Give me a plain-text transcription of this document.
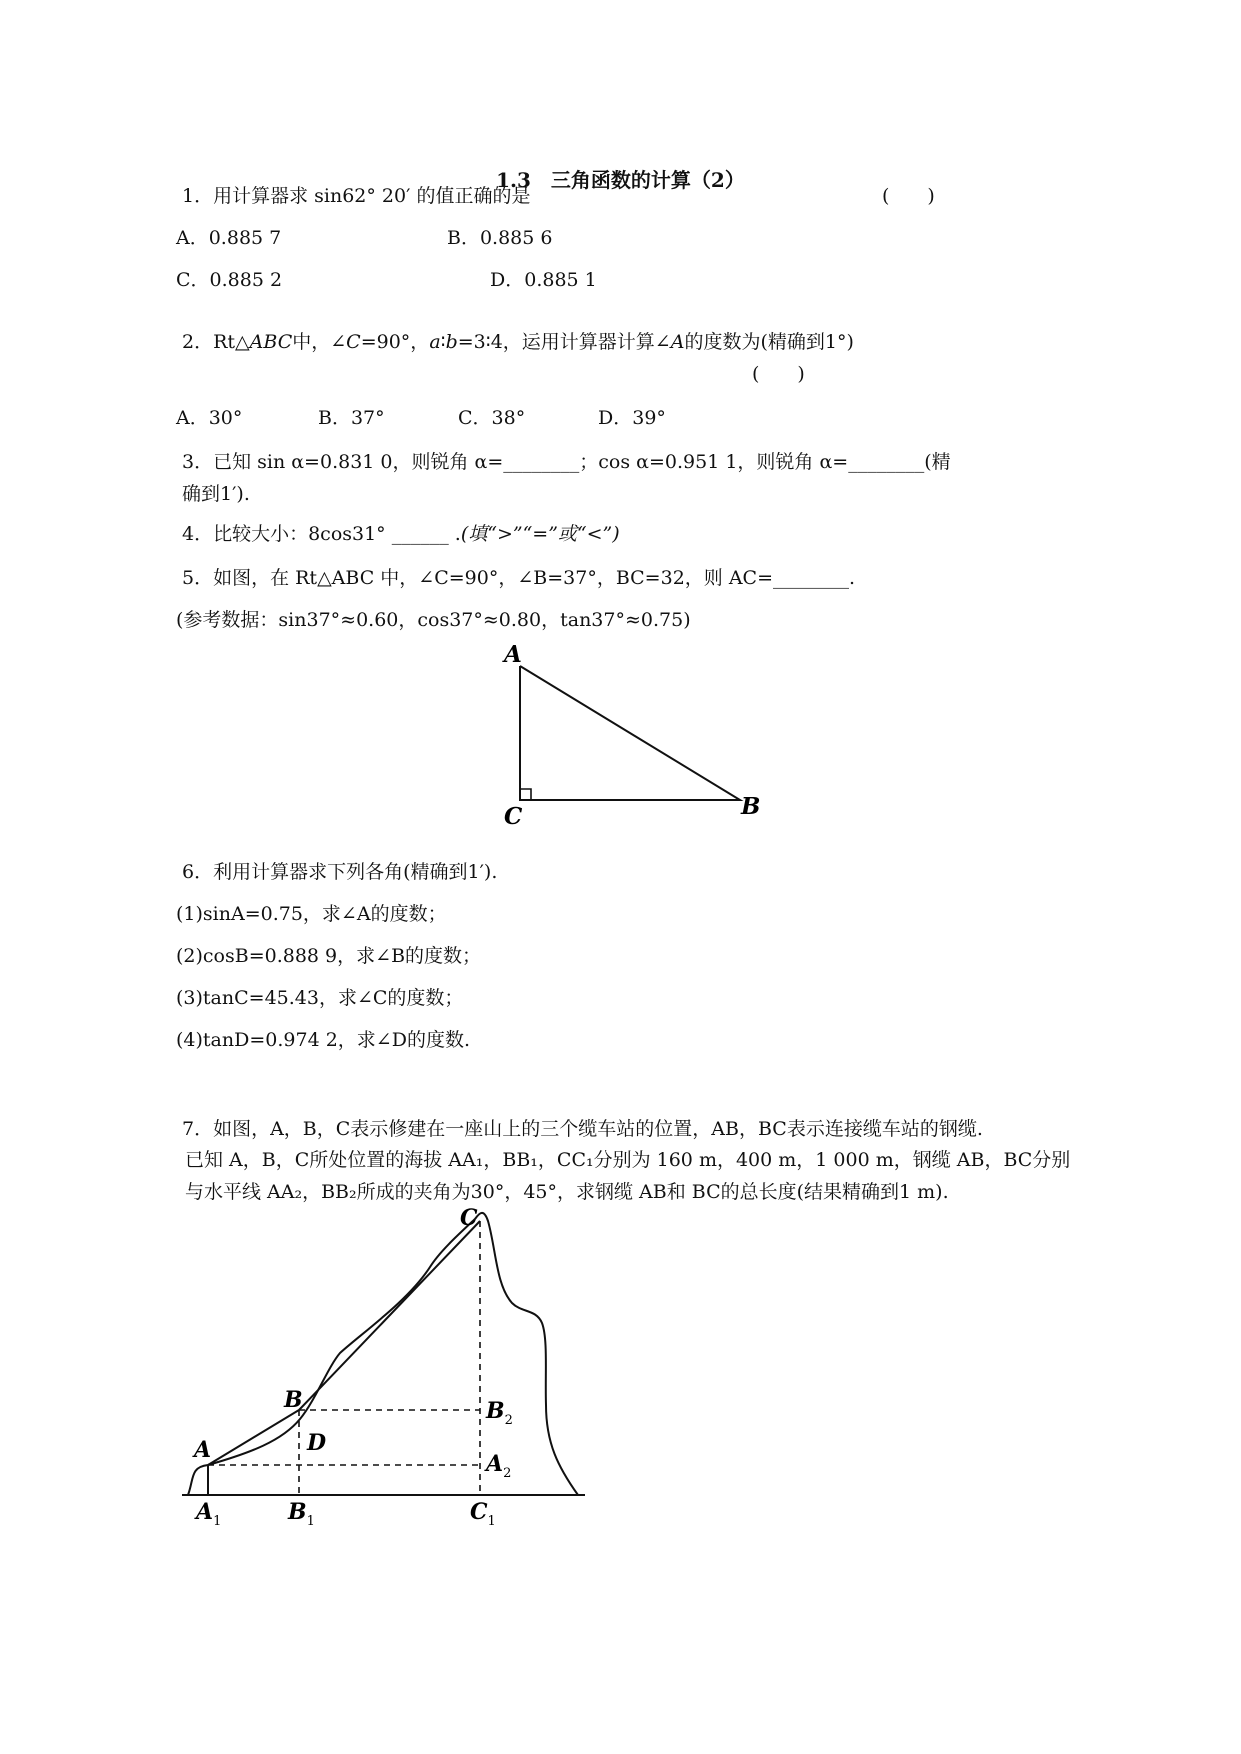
1.3　三角函数的计算（2）
1．用计算器求 sin62° 20′ 的值正确的是	(　　)
A．0.885 7	B．0.885 6
C．0.885 2	D．0.885 1
2．Rt△ABC中，∠C=90°，a∶b=3∶4，运用计算器计算∠A的度数为(精确到1°)
(　　)
A．30°	B．37°	C．38°	D．39°
3．已知 sin α=0.831 0，则锐角 α=________；cos α=0.951 1，则锐角 α=________(精
确到1′).
4．比较大小：8cos31° ______ .(填“>”“=”或“<”)
5．如图，在 Rt△ABC 中，∠C=90°，∠B=37°，BC=32，则 AC=________.
(参考数据：sin37°≈0.60，cos37°≈0.80，tan37°≈0.75)
A
B
C
6．利用计算器求下列各角(精确到1′).
(1)sinA=0.75，求∠A的度数；
(2)cosB=0.888 9，求∠B的度数；
(3)tanC=45.43，求∠C的度数；
(4)tanD=0.974 2，求∠D的度数.
7．如图，A，B，C表示修建在一座山上的三个缆车站的位置，AB，BC表示连接缆车站的钢缆.
已知 A，B，C所处位置的海拔 AA₁，BB₁，CC₁分别为 160 m，400 m，1 000 m，钢缆 AB，BC分别
与水平线 AA₂，BB₂所成的夹角为30°，45°，求钢缆 AB和 BC的总长度(结果精确到1 m).
C
B
A	D
$B_2$
$A_2$
$A_1$	$B_1$	$C_1$
